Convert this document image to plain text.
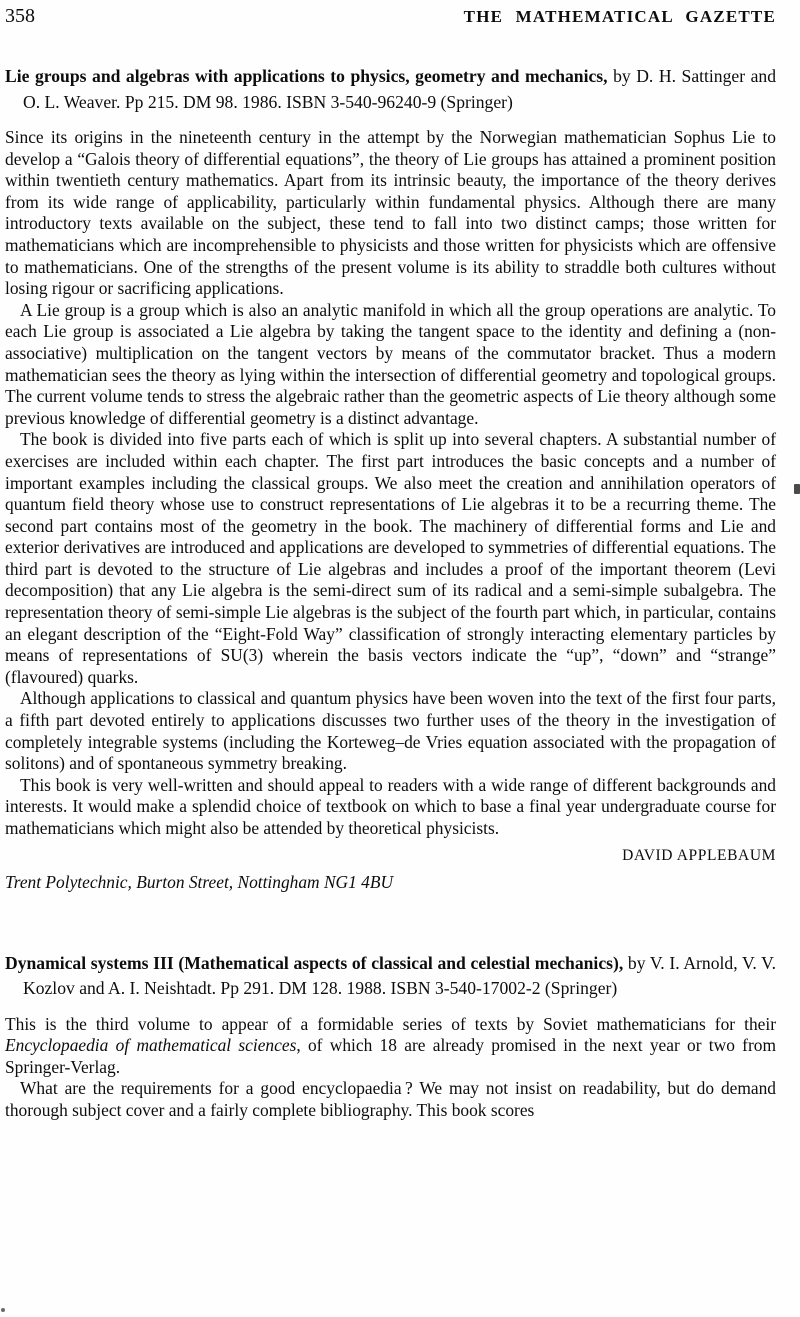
358	THE MATHEMATICAL GAZETTE

Lie groups and algebras with applications to physics, geometry and mechanics, by D. H. Sattinger and O. L. Weaver. Pp 215. DM 98. 1986. ISBN 3-540-96240-9 (Springer)

Since its origins in the nineteenth century in the attempt by the Norwegian mathematician Sophus Lie to develop a “Galois theory of differential equations”, the theory of Lie groups has attained a prominent position within twentieth century mathematics. Apart from its intrinsic beauty, the importance of the theory derives from its wide range of applicability, particularly within fundamental physics. Although there are many introductory texts available on the subject, these tend to fall into two distinct camps; those written for mathematicians which are incomprehensible to physicists and those written for physicists which are offensive to mathematicians. One of the strengths of the present volume is its ability to straddle both cultures without losing rigour or sacrificing applications.

A Lie group is a group which is also an analytic manifold in which all the group operations are analytic. To each Lie group is associated a Lie algebra by taking the tangent space to the identity and defining a (non-associative) multiplication on the tangent vectors by means of the commutator bracket. Thus a modern mathematician sees the theory as lying within the intersection of differential geometry and topological groups. The current volume tends to stress the algebraic rather than the geometric aspects of Lie theory although some previous knowledge of differential geometry is a distinct advantage.

The book is divided into five parts each of which is split up into several chapters. A substantial number of exercises are included within each chapter. The first part introduces the basic concepts and a number of important examples including the classical groups. We also meet the creation and annihilation operators of quantum field theory whose use to construct representations of Lie algebras it to be a recurring theme. The second part contains most of the geometry in the book. The machinery of differential forms and Lie and exterior derivatives are introduced and applications are developed to symmetries of differential equations. The third part is devoted to the structure of Lie algebras and includes a proof of the important theorem (Levi decomposition) that any Lie algebra is the semi-direct sum of its radical and a semi-simple subalgebra. The representation theory of semi-simple Lie algebras is the subject of the fourth part which, in particular, contains an elegant description of the “Eight-Fold Way” classification of strongly interacting elementary particles by means of representations of SU(3) wherein the basis vectors indicate the “up”, “down” and “strange” (flavoured) quarks.

Although applications to classical and quantum physics have been woven into the text of the first four parts, a fifth part devoted entirely to applications discusses two further uses of the theory in the investigation of completely integrable systems (including the Korteweg–de Vries equation associated with the propagation of solitons) and of spontaneous symmetry breaking.

This book is very well-written and should appeal to readers with a wide range of different backgrounds and interests. It would make a splendid choice of textbook on which to base a final year undergraduate course for mathematicians which might also be attended by theoretical physicists.

DAVID APPLEBAUM

Trent Polytechnic, Burton Street, Nottingham NG1 4BU

Dynamical systems III (Mathematical aspects of classical and celestial mechanics), by V. I. Arnold, V. V. Kozlov and A. I. Neishtadt. Pp 291. DM 128. 1988. ISBN 3-540-17002-2 (Springer)

This is the third volume to appear of a formidable series of texts by Soviet mathematicians for their Encyclopaedia of mathematical sciences, of which 18 are already promised in the next year or two from Springer-Verlag.

What are the requirements for a good encyclopaedia ? We may not insist on readability, but do demand thorough subject cover and a fairly complete bibliography. This book scores
